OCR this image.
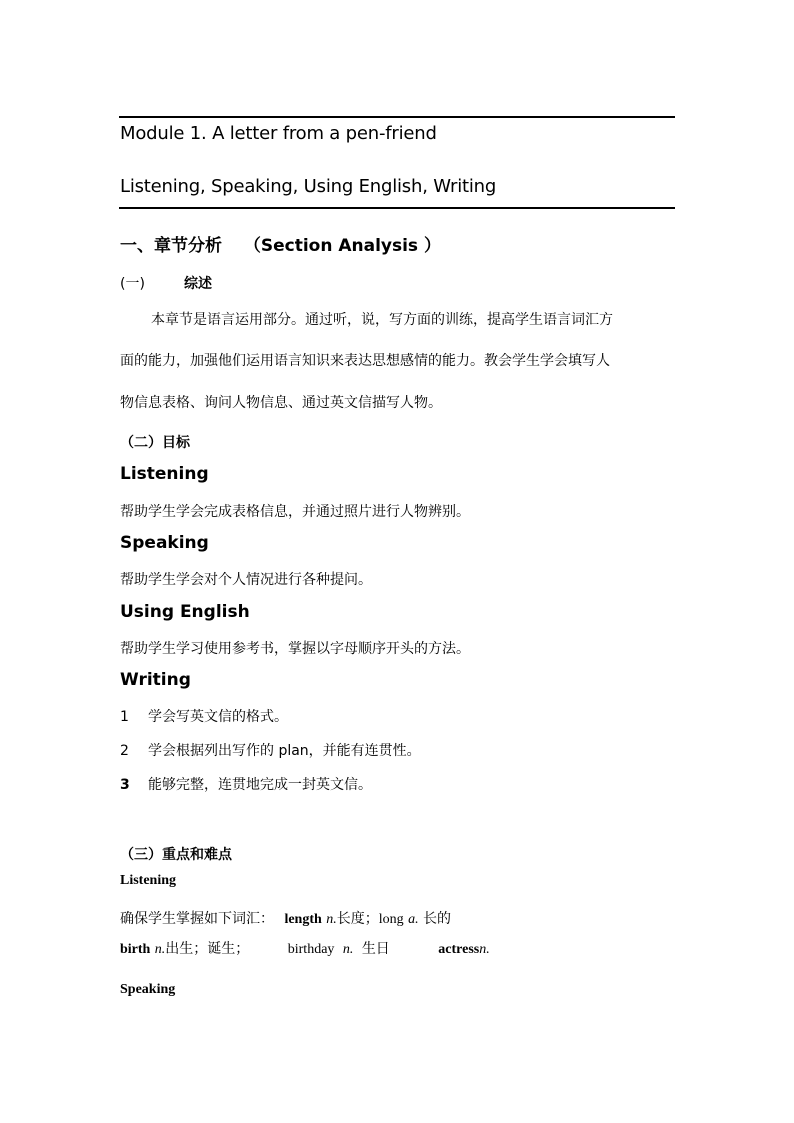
Module 1. A letter from a pen-friend
Listening, Speaking, Using English, Writing
一、章节分析 （Section Analysis ）
(一)	综述
本章节是语言运用部分。通过听，说，写方面的训练，提高学生语言词汇方
面的能力，加强他们运用语言知识来表达思想感情的能力。教会学生学会填写人
物信息表格、询问人物信息、通过英文信描写人物。
（二）目标
Listening
帮助学生学会完成表格信息，并通过照片进行人物辨别。
Speaking
帮助学生学会对个人情况进行各种提问。
Using English
帮助学生学习使用参考书，掌握以字母顺序开头的方法。
Writing
1 学会写英文信的格式。
2 学会根据列出写作的 plan，并能有连贯性。
3 能够完整，连贯地完成一封英文信。
（三）重点和难点
Listening
确保学生掌握如下词汇： length n.长度；long a. 长的
birth n.出生；诞生；	birthday n. 生日	actressn.
Speaking
